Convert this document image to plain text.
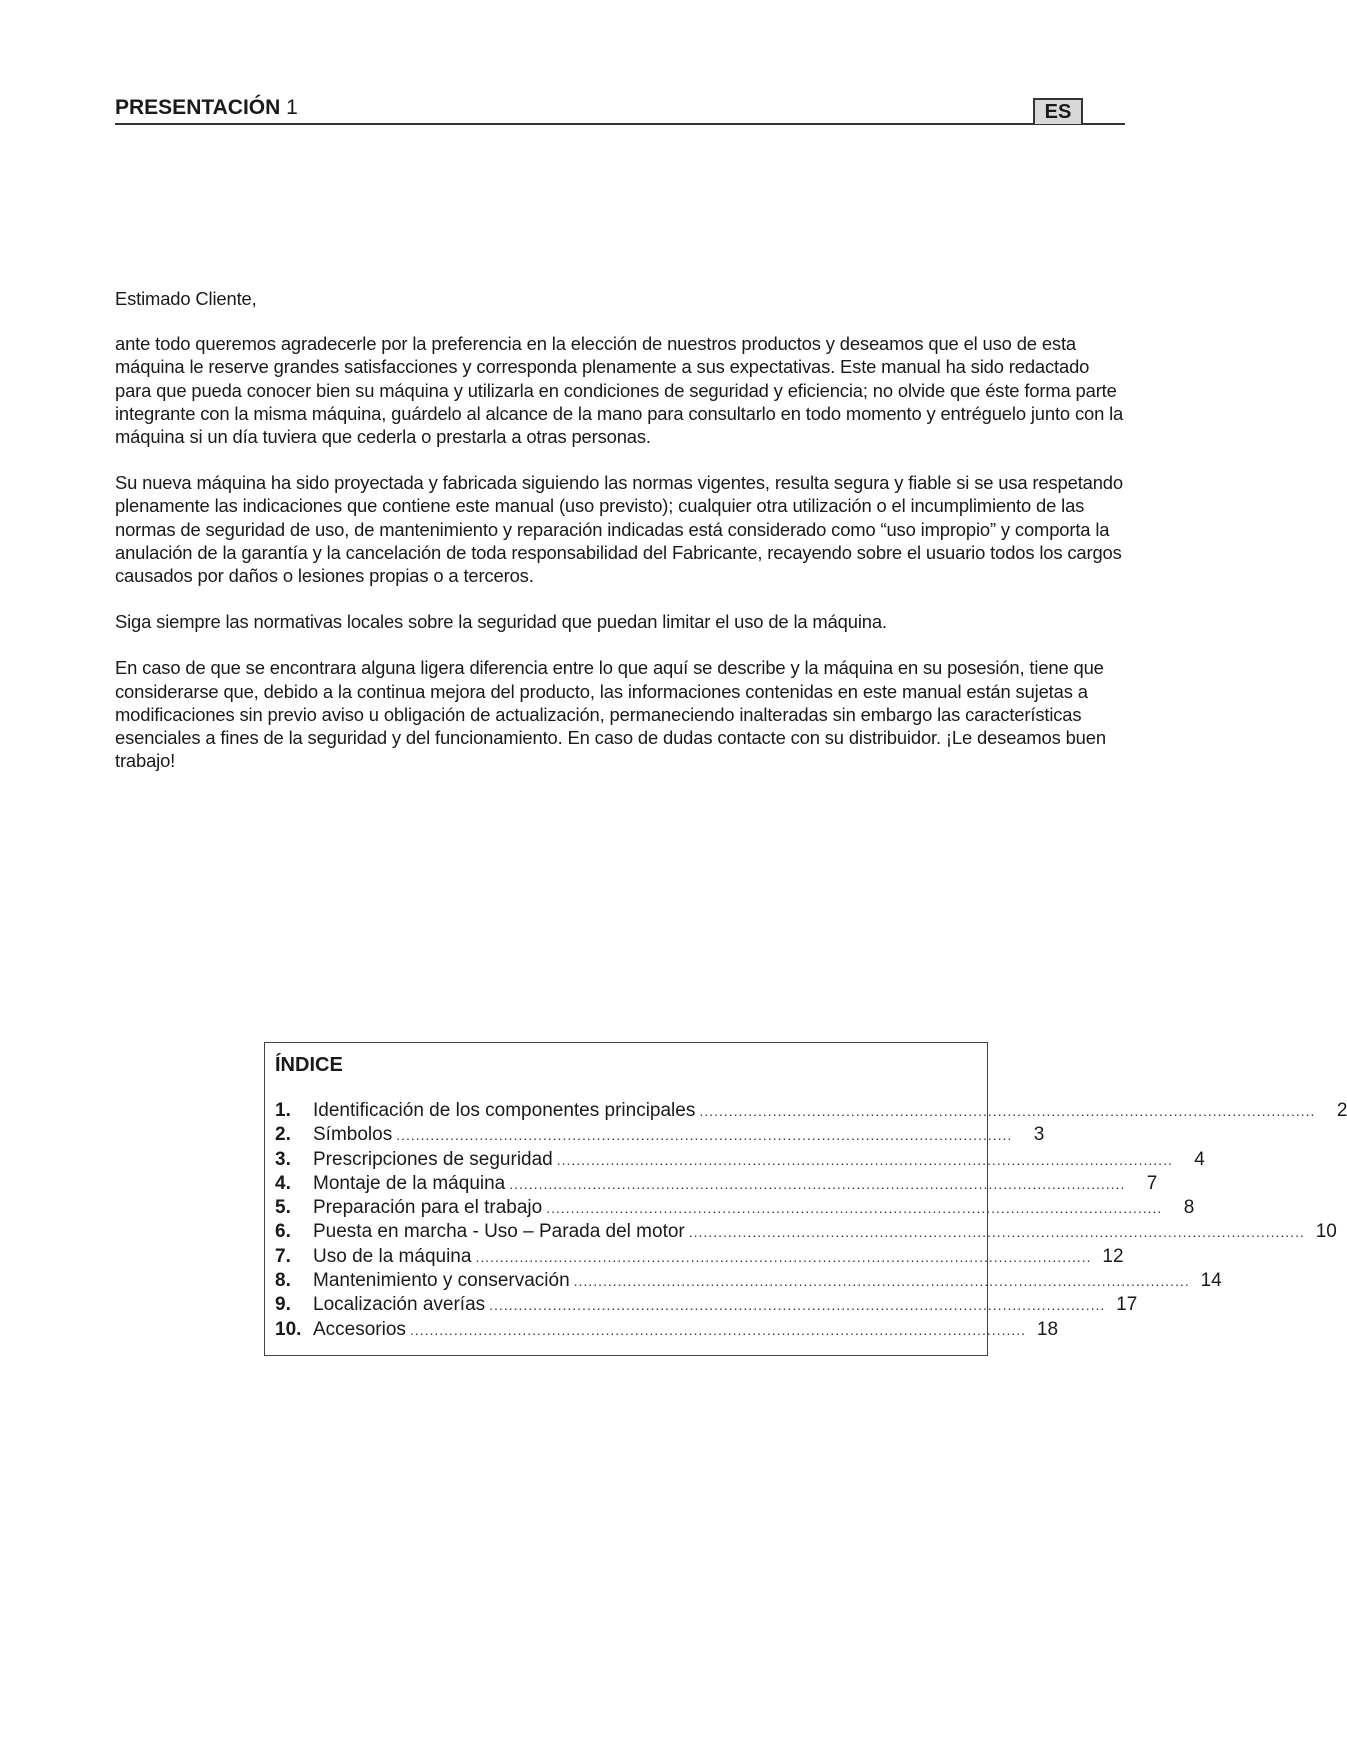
PRESENTACIÓN 1	ES

Estimado Cliente,

ante todo queremos agradecerle por la preferencia en la elección de nuestros productos y deseamos que el uso de esta máquina le reserve grandes satisfacciones y corresponda plenamente a sus expectativas. Este manual ha sido redactado para que pueda conocer bien su máquina y utilizarla en condiciones de seguridad y eficiencia; no olvide que éste forma parte integrante con la misma máquina, guárdelo al alcance de la mano para consultarlo en todo momento y entréguelo junto con la máquina si un día tuviera que cederla o prestarla a otras personas.

Su nueva máquina ha sido proyectada y fabricada siguiendo las normas vigentes, resulta segura y fiable si se usa respetando plenamente las indicaciones que contiene este manual (uso previsto); cualquier otra utilización o el incumplimiento de las normas de seguridad de uso, de mantenimiento y reparación indicadas está considerado como “uso impropio” y comporta la anulación de la garantía y la cancelación de toda responsabilidad del Fabricante, recayendo sobre el usuario todos los cargos causados por daños o lesiones propias o a terceros.

Siga siempre las normativas locales sobre la seguridad que puedan limitar el uso de la máquina.

En caso de que se encontrara alguna ligera diferencia entre lo que aquí se describe y la máquina en su posesión, tiene que considerarse que, debido a la continua mejora del producto, las informaciones contenidas en este manual están sujetas a modificaciones sin previo aviso u obligación de actualización, permaneciendo inalteradas sin embargo las características esenciales a fines de la seguridad y del funcionamiento. En caso de dudas contacte con su distribuidor. ¡Le deseamos buen trabajo!

ÍNDICE
1.	Identificación de los componentes principales ..............................................................................................................................	2
2.	Símbolos ..............................................................................................................................	3
3.	Prescripciones de seguridad ..............................................................................................................................	4
4.	Montaje de la máquina ..............................................................................................................................	7
5.	Preparación para el trabajo ..............................................................................................................................	8
6.	Puesta en marcha - Uso – Parada del motor .............................................................................................................................. 10
7.	Uso de la máquina .............................................................................................................................. 12
8.	Mantenimiento y conservación .............................................................................................................................. 14
9.	Localización averías .............................................................................................................................. 17
10. Accesorios .............................................................................................................................. 18
